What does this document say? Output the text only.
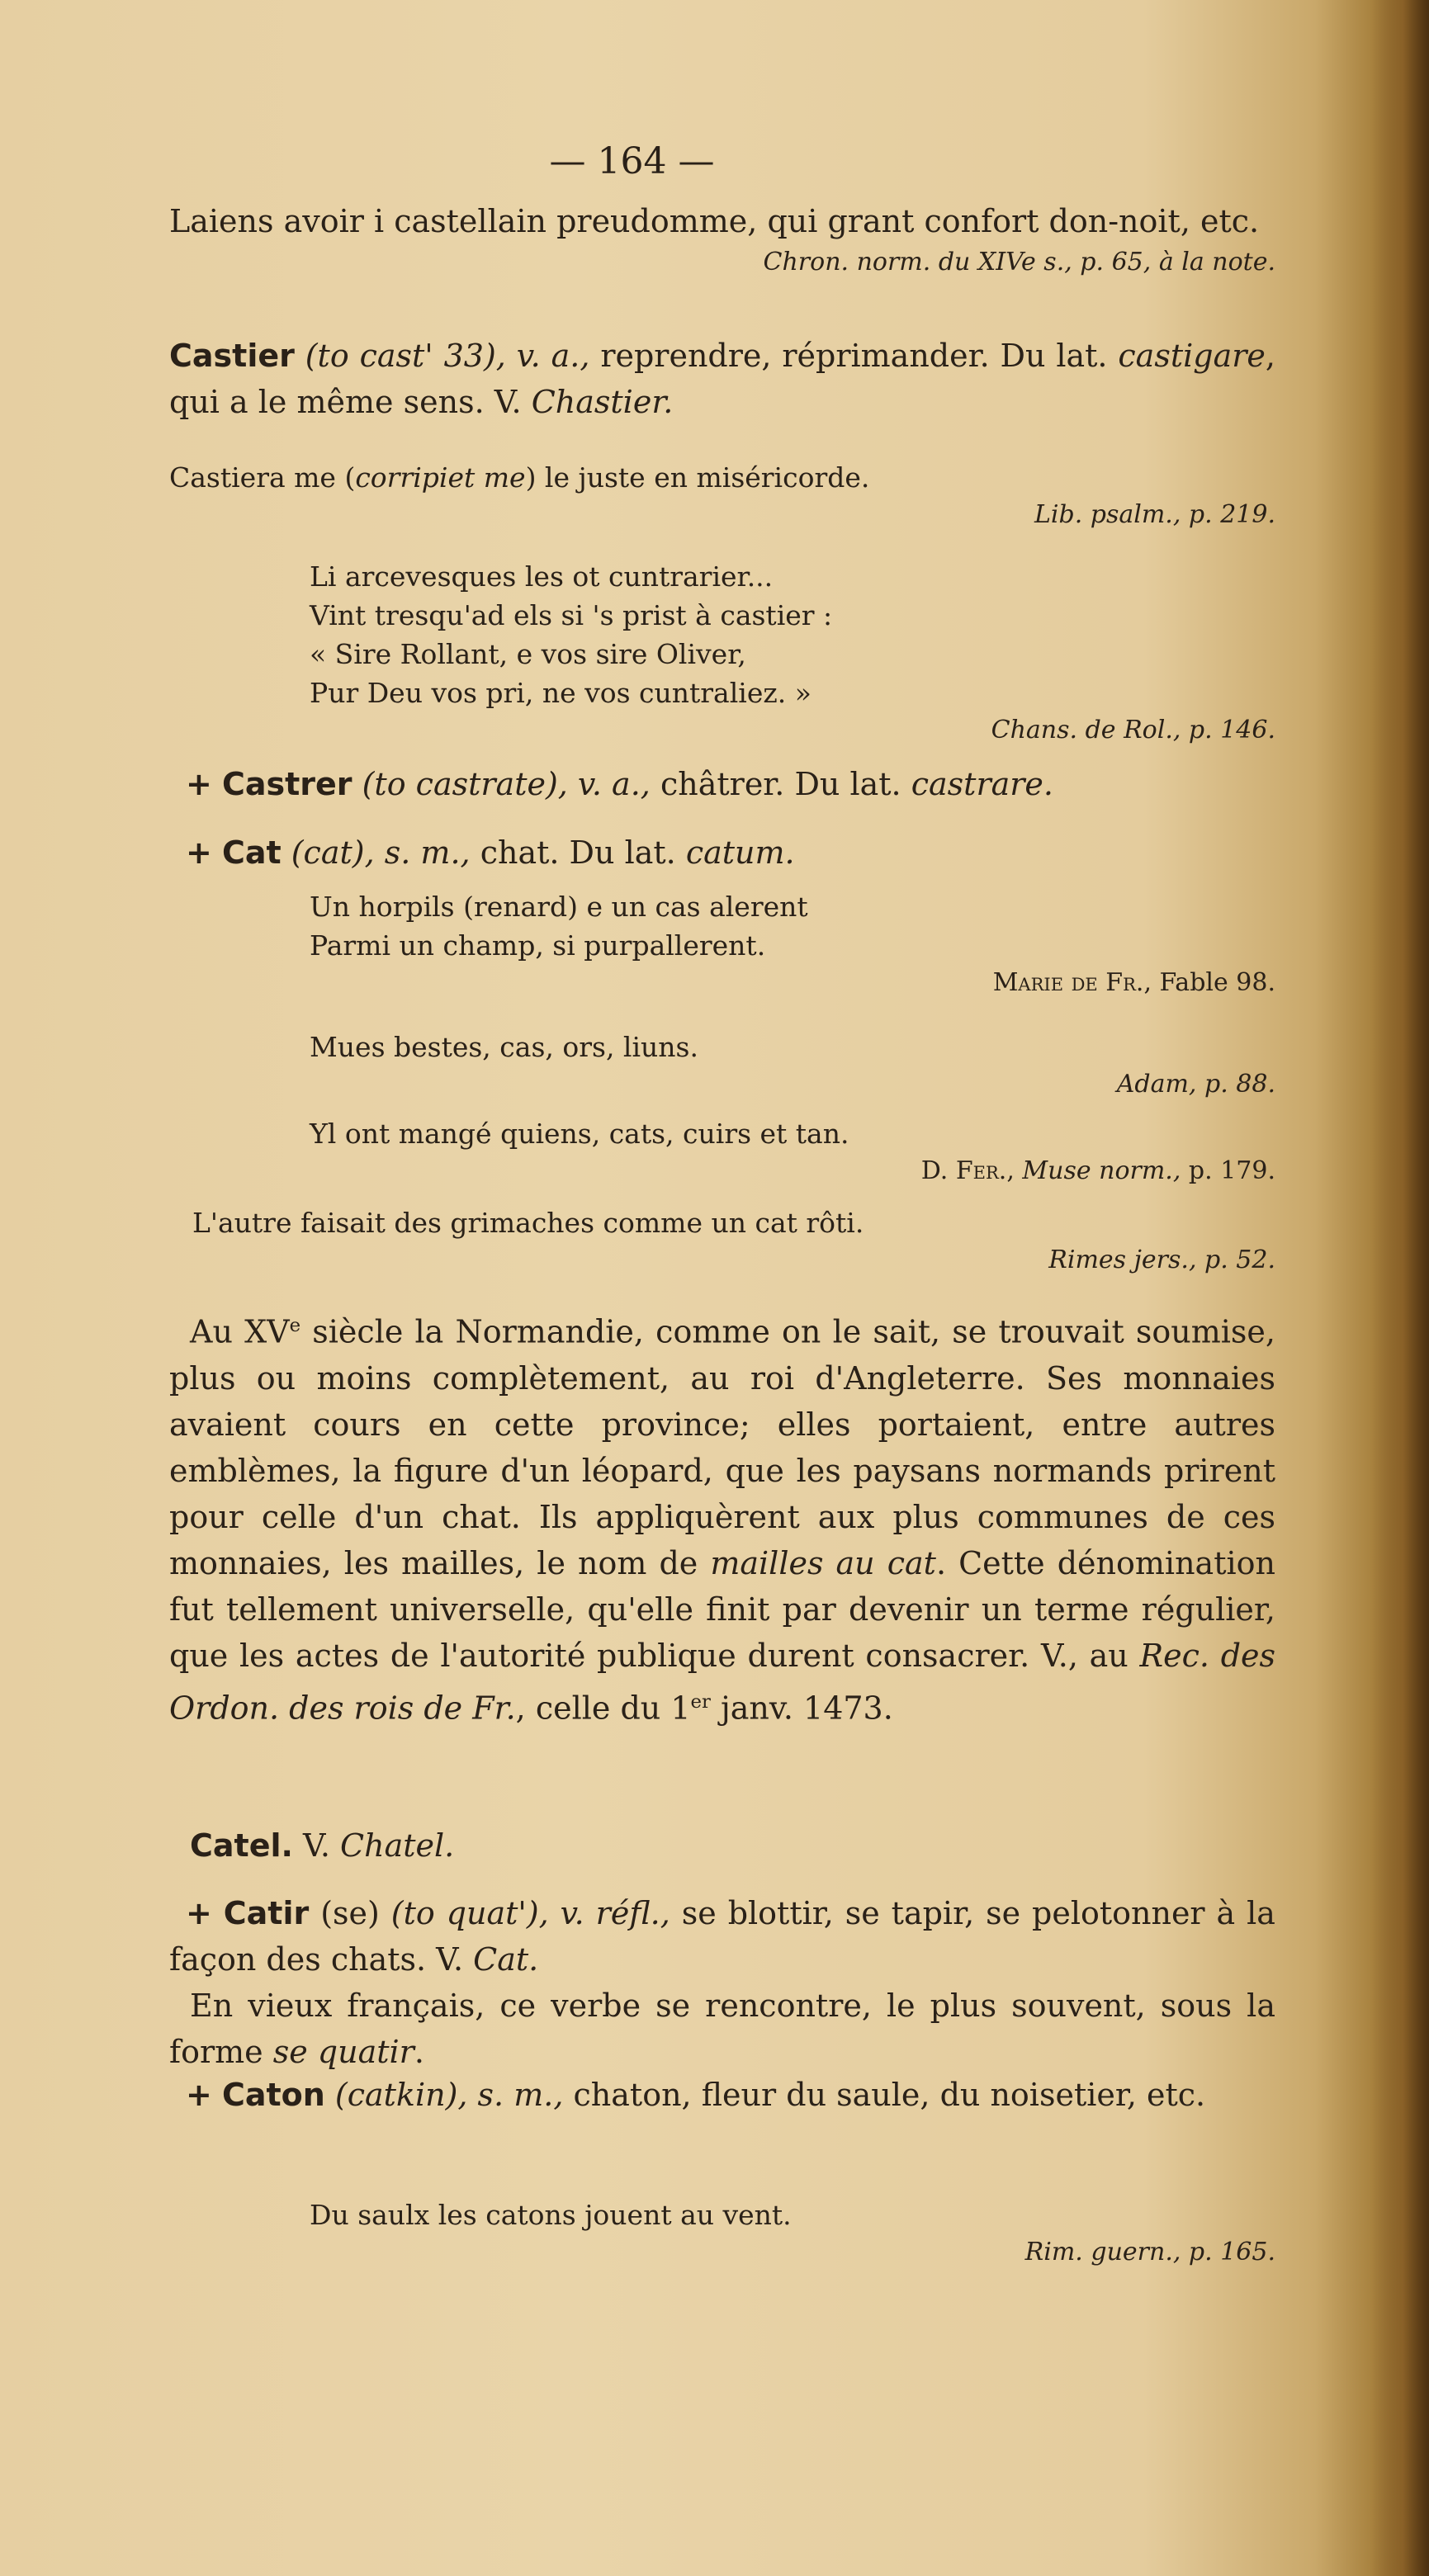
— 164 —

Laiens avoir i castellain preudomme, qui grant confort don-noit, etc.

Chron. norm. du XIVe s., p. 65, à la note.

Castier (to cast' 33), v. a., reprendre, réprimander. Du lat. castigare, qui a le même sens. V. Chastier.

Castiera me (corripiet me) le juste en miséricorde.

Lib. psalm., p. 219.

Li arcevesques les ot cuntrarier...

Vint tresqu'ad els si 's prist à castier :

« Sire Rollant, e vos sire Oliver,

Pur Deu vos pri, ne vos cuntraliez. »

Chans. de Rol., p. 146.

+ Castrer (to castrate), v. a., châtrer. Du lat. castrare.

+ Cat (cat), s. m., chat. Du lat. catum.

Un horpils (renard) e un cas alerent

Parmi un champ, si purpallerent.

Marie de Fr., Fable 98.

Mues bestes, cas, ors, liuns.

Adam, p. 88.

Yl ont mangé quiens, cats, cuirs et tan.

D. Fer., Muse norm., p. 179.

L'autre faisait des grimaches comme un cat rôti.

Rimes jers., p. 52.

Au XVe siècle la Normandie, comme on le sait, se trouvait soumise, plus ou moins complètement, au roi d'Angleterre. Ses monnaies avaient cours en cette province; elles portaient, entre autres emblèmes, la figure d'un léopard, que les paysans normands prirent pour celle d'un chat. Ils appliquèrent aux plus communes de ces monnaies, les mailles, le nom de mailles au cat. Cette dénomination fut tellement universelle, qu'elle finit par devenir un terme régulier, que les actes de l'autorité publique durent consacrer. V., au Rec. des Ordon. des rois de Fr., celle du 1er janv. 1473.

Catel. V. Chatel.

+ Catir (se) (to quat'), v. réfl., se blottir, se tapir, se pelotonner à la façon des chats. V. Cat.

En vieux français, ce verbe se rencontre, le plus souvent, sous la forme se quatir.

+ Caton (catkin), s. m., chaton, fleur du saule, du noisetier, etc.

Du saulx les catons jouent au vent.

Rim. guern., p. 165.
